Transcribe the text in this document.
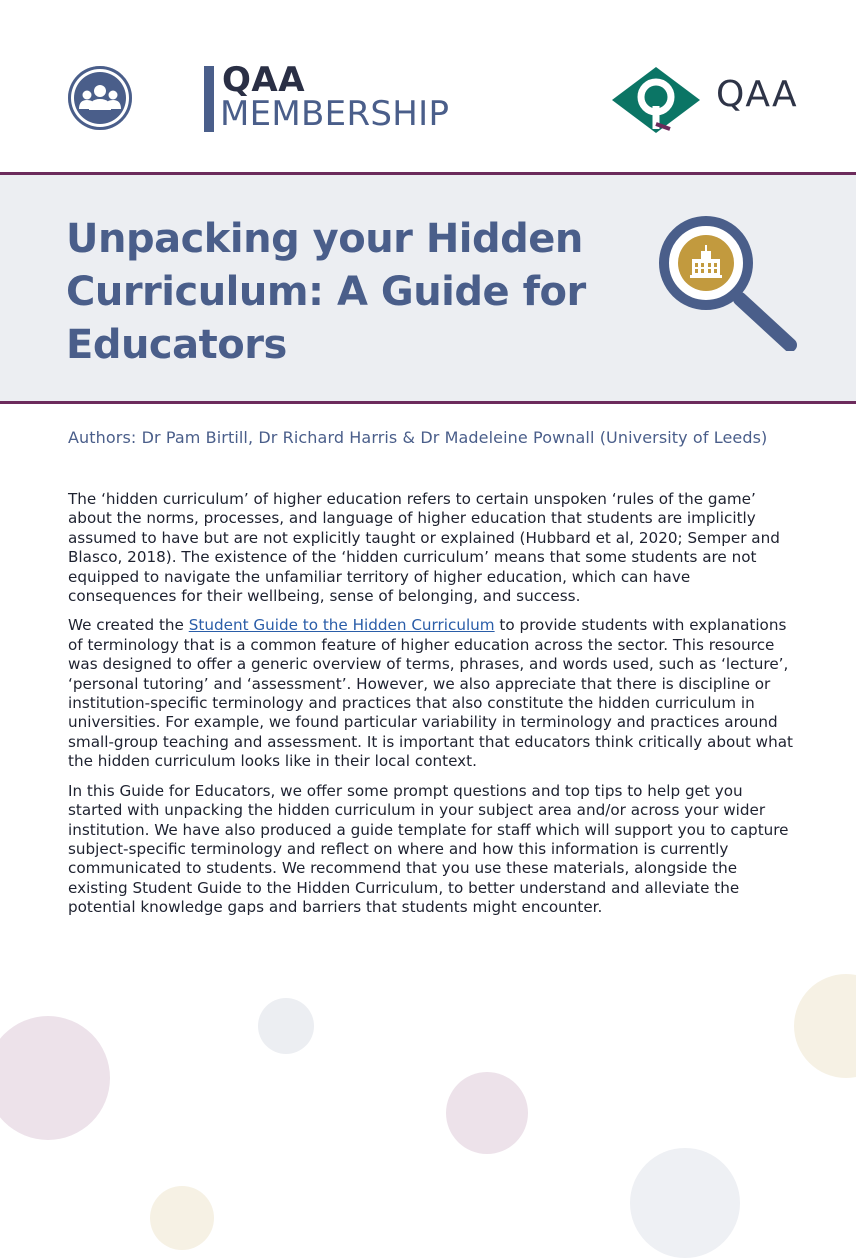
QAA
MEMBERSHIP	QAA
Unpacking your Hidden
Curriculum: A Guide for
Educators
Authors: Dr Pam Birtill, Dr Richard Harris & Dr Madeleine Pownall (University of Leeds)

The ‘hidden curriculum’ of higher education refers to certain unspoken ‘rules of the game’ about the norms, processes, and language of higher education that students are implicitly assumed to have but are not explicitly taught or explained (Hubbard et al, 2020; Semper and Blasco, 2018). The existence of the ‘hidden curriculum’ means that some students are not equipped to navigate the unfamiliar territory of higher education, which can have consequences for their wellbeing, sense of belonging, and success.

We created the Student Guide to the Hidden Curriculum to provide students with explanations of terminology that is a common feature of higher education across the sector. This resource was designed to offer a generic overview of terms, phrases, and words used, such as ‘lecture’, ‘personal tutoring’ and ‘assessment’. However, we also appreciate that there is discipline or institution-specific terminology and practices that also constitute the hidden curriculum in universities. For example, we found particular variability in terminology and practices around small-group teaching and assessment. It is important that educators think critically about what the hidden curriculum looks like in their local context.

In this Guide for Educators, we offer some prompt questions and top tips to help get you started with unpacking the hidden curriculum in your subject area and/or across your wider institution. We have also produced a guide template for staff which will support you to capture subject-specific terminology and reflect on where and how this information is currently communicated to students. We recommend that you use these materials, alongside the existing Student Guide to the Hidden Curriculum, to better understand and alleviate the potential knowledge gaps and barriers that students might encounter.
